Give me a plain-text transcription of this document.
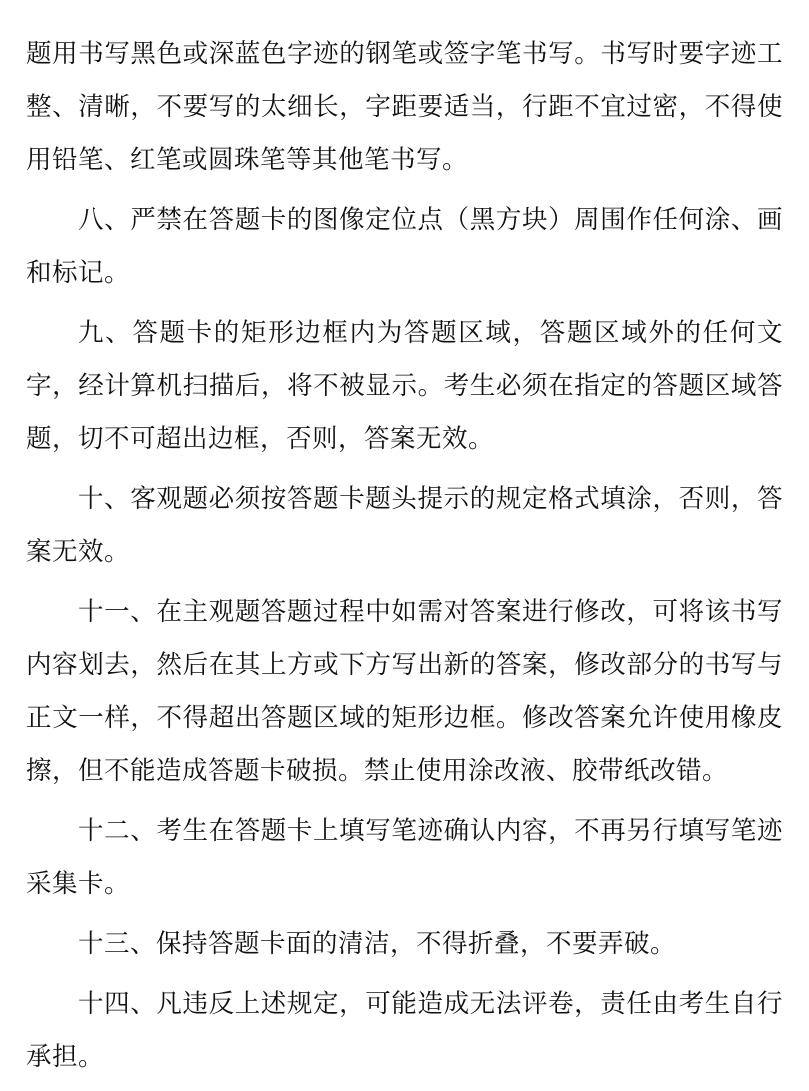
题用书写黑色或深蓝色字迹的钢笔或签字笔书写。书写时要字迹工整、清晰，不要写的太细长，字距要适当，行距不宜过密，不得使用铅笔、红笔或圆珠笔等其他笔书写。

八、严禁在答题卡的图像定位点（黑方块）周围作任何涂、画和标记。

九、答题卡的矩形边框内为答题区域，答题区域外的任何文字，经计算机扫描后，将不被显示。考生必须在指定的答题区域答题，切不可超出边框，否则，答案无效。

十、客观题必须按答题卡题头提示的规定格式填涂，否则，答案无效。

十一、在主观题答题过程中如需对答案进行修改，可将该书写内容划去，然后在其上方或下方写出新的答案，修改部分的书写与正文一样，不得超出答题区域的矩形边框。修改答案允许使用橡皮擦，但不能造成答题卡破损。禁止使用涂改液、胶带纸改错。

十二、考生在答题卡上填写笔迹确认内容，不再另行填写笔迹采集卡。

十三、保持答题卡面的清洁，不得折叠，不要弄破。

十四、凡违反上述规定，可能造成无法评卷，责任由考生自行承担。
